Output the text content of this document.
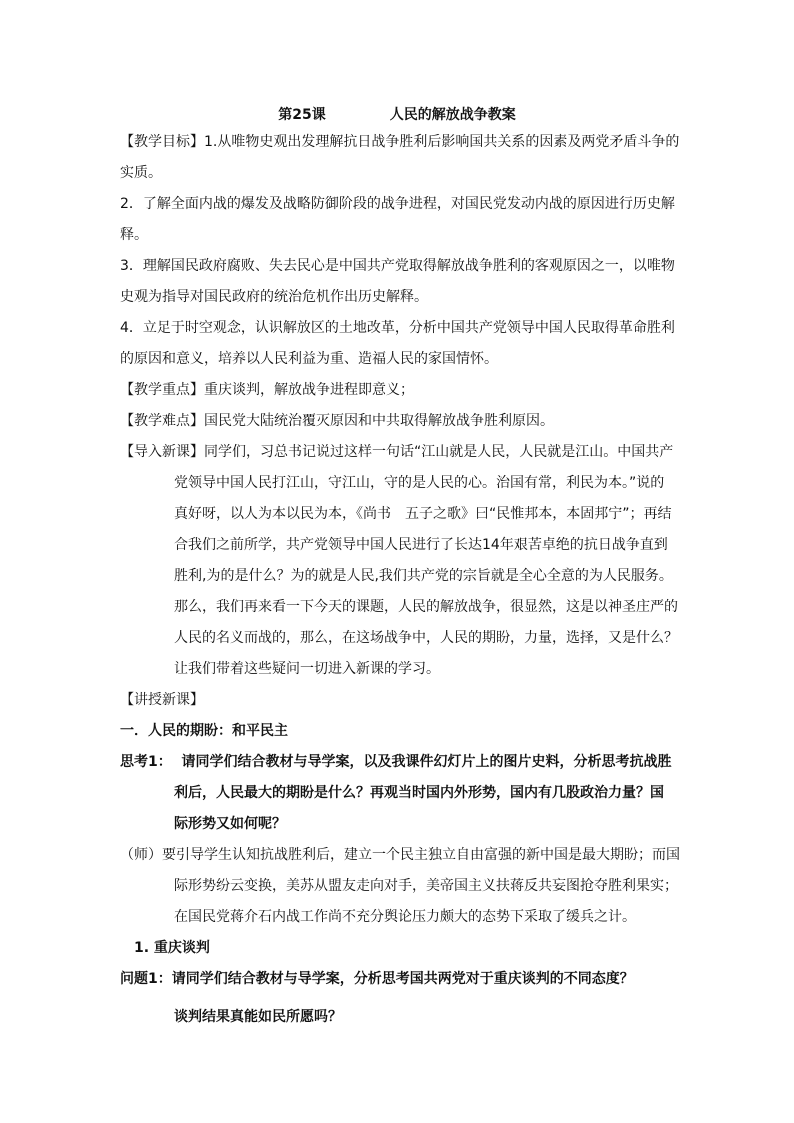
第25课	人民的解放战争教案
【教学目标】1.从唯物史观出发理解抗日战争胜利后影响国共关系的因素及两党矛盾斗争的
实质。
2．了解全面内战的爆发及战略防御阶段的战争进程，对国民党发动内战的原因进行历史解
释。
3．理解国民政府腐败、失去民心是中国共产党取得解放战争胜利的客观原因之一，以唯物
史观为指导对国民政府的统治危机作出历史解释。
4．立足于时空观念，认识解放区的土地改革，分析中国共产党领导中国人民取得革命胜利
的原因和意义，培养以人民利益为重、造福人民的家国情怀。
【教学重点】重庆谈判，解放战争进程即意义；
【教学难点】国民党大陆统治覆灭原因和中共取得解放战争胜利原因。
【导入新课】同学们，习总书记说过这样一句话“江山就是人民，人民就是江山。中国共产
党领导中国人民打江山，守江山，守的是人民的心。治国有常，利民为本。”说的
真好呀，以人为本以民为本，《尚书　五子之歌》曰“民惟邦本，本固邦宁”；再结
合我们之前所学，共产党领导中国人民进行了长达14年艰苦卓绝的抗日战争直到
胜利,为的是什么？为的就是人民,我们共产党的宗旨就是全心全意的为人民服务。
那么，我们再来看一下今天的课题，人民的解放战争，很显然，这是以神圣庄严的
人民的名义而战的，那么，在这场战争中，人民的期盼，力量，选择，又是什么？
让我们带着这些疑问一切进入新课的学习。
【讲授新课】
一．人民的期盼：和平民主
思考1： 请同学们结合教材与导学案，以及我课件幻灯片上的图片史料，分析思考抗战胜
利后，人民最大的期盼是什么？再观当时国内外形势，国内有几股政治力量？国
际形势又如何呢？
（师）要引导学生认知抗战胜利后，建立一个民主独立自由富强的新中国是最大期盼；而国
际形势纷云变换，美苏从盟友走向对手，美帝国主义扶蒋反共妄图抢夺胜利果实；
在国民党蒋介石内战工作尚不充分舆论压力颇大的态势下采取了缓兵之计。
1. 重庆谈判
问题1：请同学们结合教材与导学案，分析思考国共两党对于重庆谈判的不同态度？
谈判结果真能如民所愿吗？
